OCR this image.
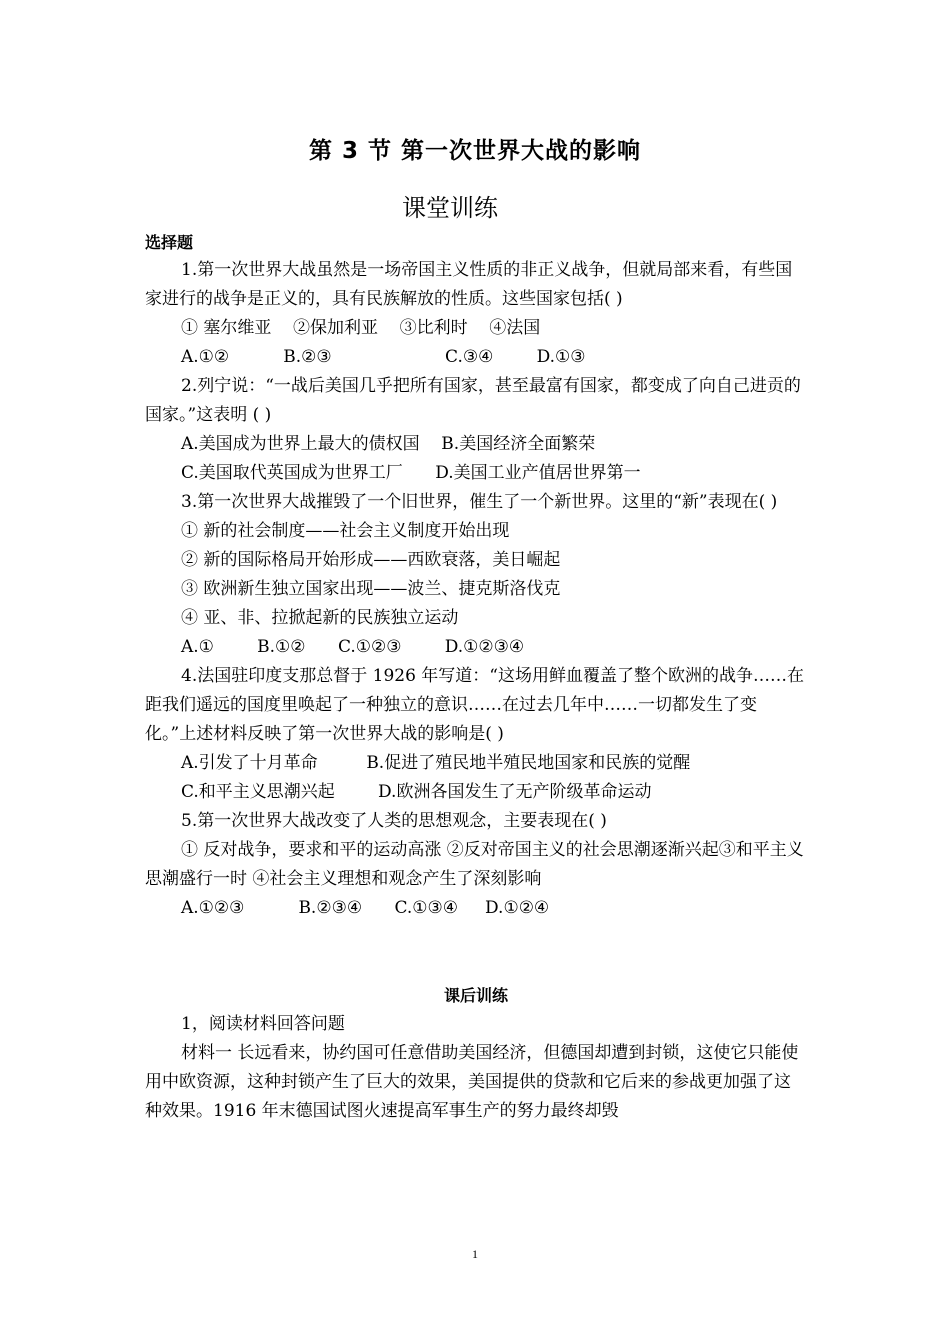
第 3 节 第一次世界大战的影响
课堂训练
选择题

1.第一次世界大战虽然是一场帝国主义性质的非正义战争，但就局部来看，有些国家进行的战争是正义的，具有民族解放的性质。这些国家包括( )

① 塞尔维亚    ②保加利亚    ③比利时    ④法国

A.①②          B.②③                     C.③④        D.①③

2.列宁说：“一战后美国几乎把所有国家，甚至最富有国家，都变成了向自己进贡的国家。”这表明 ( )

A.美国成为世界上最大的债权国    B.美国经济全面繁荣

C.美国取代英国成为世界工厂      D.美国工业产值居世界第一

3.第一次世界大战摧毁了一个旧世界，催生了一个新世界。这里的“新”表现在( )

① 新的社会制度——社会主义制度开始出现

② 新的国际格局开始形成——西欧衰落，美日崛起

③ 欧洲新生独立国家出现——波兰、捷克斯洛伐克

④ 亚、非、拉掀起新的民族独立运动

A.①        B.①②      C.①②③        D.①②③④

4.法国驻印度支那总督于 1926 年写道：“这场用鲜血覆盖了整个欧洲的战争……在距我们遥远的国度里唤起了一种独立的意识……在过去几年中……一切都发生了变化。”上述材料反映了第一次世界大战的影响是( )

A.引发了十月革命         B.促进了殖民地半殖民地国家和民族的觉醒

C.和平主义思潮兴起        D.欧洲各国发生了无产阶级革命运动

5.第一次世界大战改变了人类的思想观念，主要表现在( )

① 反对战争，要求和平的运动高涨 ②反对帝国主义的社会思潮逐渐兴起③和平主义思潮盛行一时 ④社会主义理想和观念产生了深刻影响

A.①②③          B.②③④      C.①③④     D.①②④

课后训练

1，阅读材料回答问题

材料一 长远看来，协约国可任意借助美国经济，但德国却遭到封锁，这使它只能使用中欧资源，这种封锁产生了巨大的效果，美国提供的贷款和它后来的参战更加强了这种效果。1916 年末德国试图火速提高军事生产的努力最终却毁

1
